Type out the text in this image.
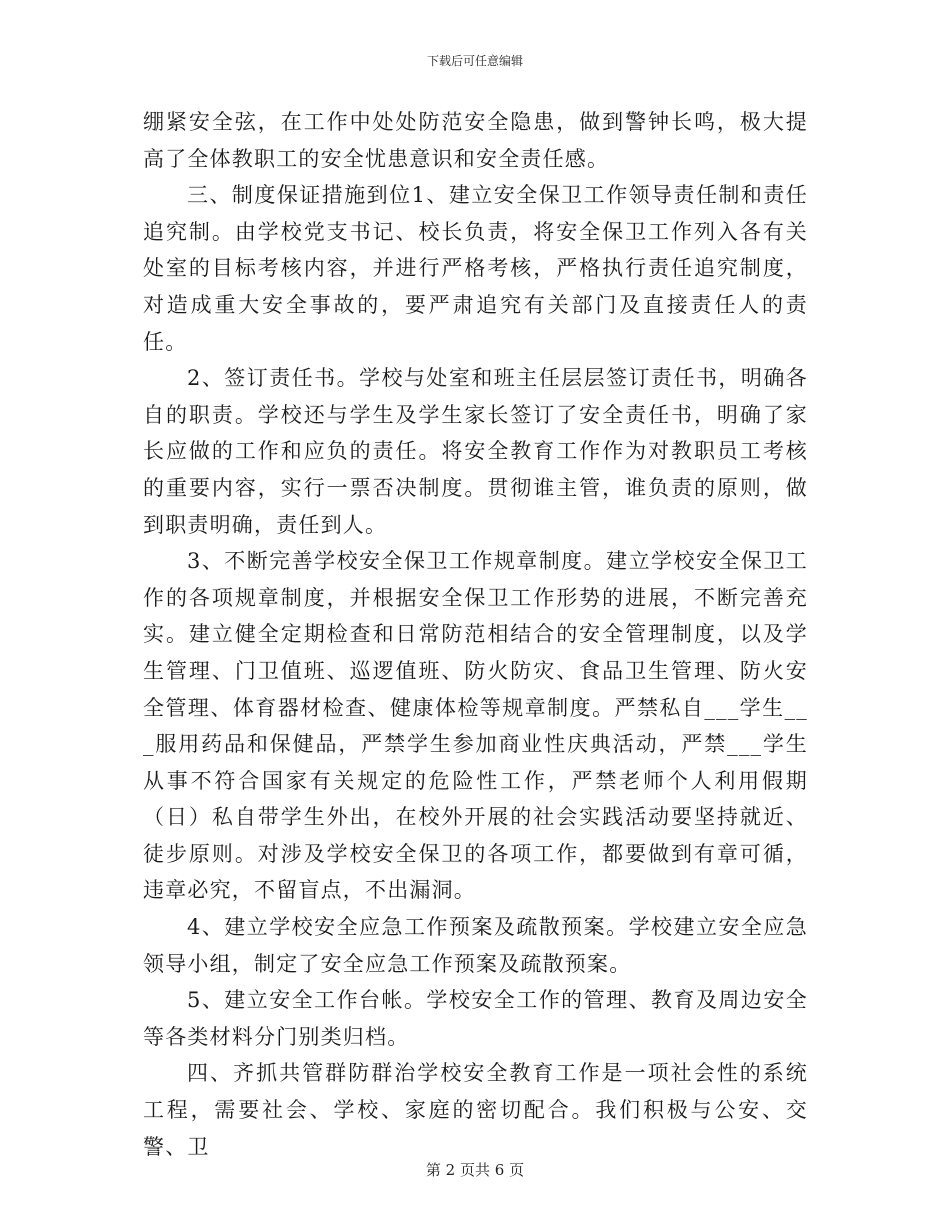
下载后可任意编辑

绷紧安全弦，在工作中处处防范安全隐患，做到警钟长鸣，极大提高了全体教职工的安全忧患意识和安全责任感。

三、制度保证措施到位1、建立安全保卫工作领导责任制和责任追究制。由学校党支书记、校长负责，将安全保卫工作列入各有关处室的目标考核内容，并进行严格考核，严格执行责任追究制度，对造成重大安全事故的，要严肃追究有关部门及直接责任人的责任。

2、签订责任书。学校与处室和班主任层层签订责任书，明确各自的职责。学校还与学生及学生家长签订了安全责任书，明确了家长应做的工作和应负的责任。将安全教育工作作为对教职员工考核的重要内容，实行一票否决制度。贯彻谁主管，谁负责的原则，做到职责明确，责任到人。

3、不断完善学校安全保卫工作规章制度。建立学校安全保卫工作的各项规章制度，并根据安全保卫工作形势的进展，不断完善充实。建立健全定期检查和日常防范相结合的安全管理制度，以及学生管理、门卫值班、巡逻值班、防火防灾、食品卫生管理、防火安全管理、体育器材检查、健康体检等规章制度。严禁私自___学生___服用药品和保健品，严禁学生参加商业性庆典活动，严禁___学生从事不符合国家有关规定的危险性工作，严禁老师个人利用假期（日）私自带学生外出，在校外开展的社会实践活动要坚持就近、徒步原则。对涉及学校安全保卫的各项工作，都要做到有章可循，违章必究，不留盲点，不出漏洞。

4、建立学校安全应急工作预案及疏散预案。学校建立安全应急领导小组，制定了安全应急工作预案及疏散预案。

5、建立安全工作台帐。学校安全工作的管理、教育及周边安全等各类材料分门别类归档。

四、齐抓共管群防群治学校安全教育工作是一项社会性的系统工程，需要社会、学校、家庭的密切配合。我们积极与公安、交警、卫

第 2 页共 6 页
